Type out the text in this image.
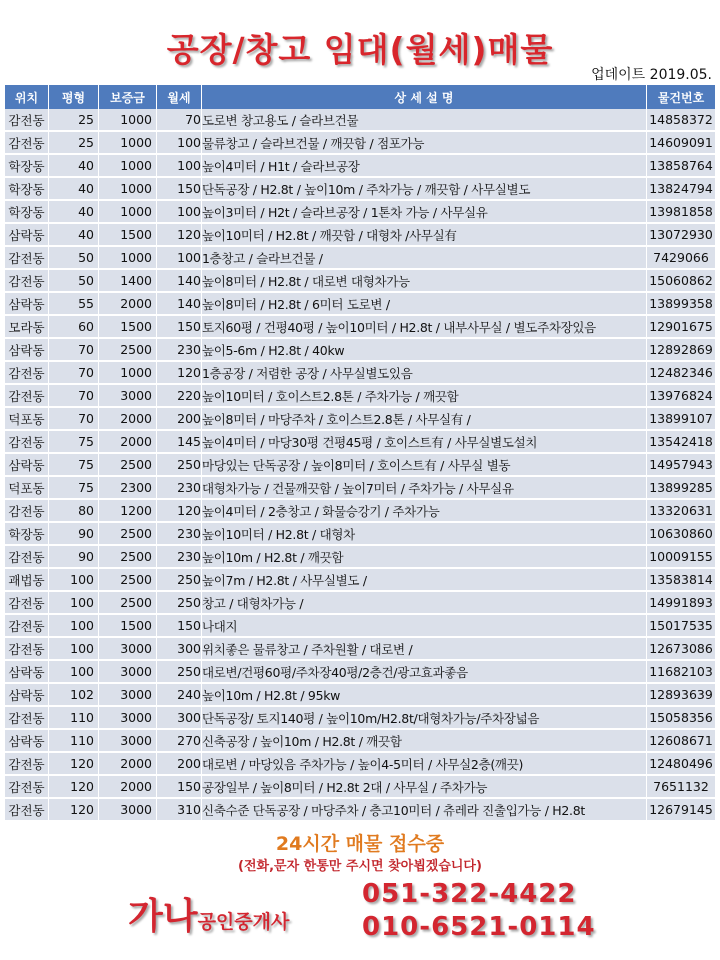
공장/창고 임대(월세)매물
업데이트 2019.05.
위치	평형	보증금	월세	상 세 설 명	물건번호
감전동	25	1000	70	도로변 창고용도 / 슬라브건물	14858372
감전동	25	1000	100	물류창고 / 슬라브건물 / 깨끗함 / 점포가능	14609091
학장동	40	1000	100	높이4미터 / H1t / 슬라브공장	13858764
학장동	40	1000	150	단독공장 / H2.8t / 높이10m / 주차가능 / 깨끗함 / 사무실별도	13824794
학장동	40	1000	100	높이3미터 / H2t / 슬라브공장 / 1톤차 가능 / 사무실유	13981858
삼락동	40	1500	120	높이10미터 / H2.8t / 깨끗함 / 대형차 /사무실有	13072930
감전동	50	1000	100	1층창고 / 슬라브건물 /	7429066
감전동	50	1400	140	높이8미터 / H2.8t / 대로변 대형차가능	15060862
삼락동	55	2000	140	높이8미터 / H2.8t / 6미터 도로변 /	13899358
모라동	60	1500	150	토지60평 / 건평40평 / 높이10미터 / H2.8t / 내부사무실 / 별도주차장있음	12901675
삼락동	70	2500	230	높이5-6m / H2.8t / 40kw	12892869
감전동	70	1000	120	1층공장 / 저렴한 공장 / 사무실별도있음	12482346
감전동	70	3000	220	높이10미터 / 호이스트2.8톤 / 주차가능 / 깨끗함	13976824
덕포동	70	2000	200	높이8미터 / 마당주차 / 호이스트2.8톤 / 사무실有 /	13899107
감전동	75	2000	145	높이4미터 / 마당30평 건평45평 / 호이스트有 / 사무실별도설치	13542418
삼락동	75	2500	250	마당있는 단독공장 / 높이8미터 / 호이스트有 / 사무실 별동	14957943
덕포동	75	2300	230	대형차가능 / 건물깨끗함 / 높이7미터 / 주차가능 / 사무실유	13899285
감전동	80	1200	120	높이4미터 / 2층창고 / 화물승강기 / 주차가능	13320631
학장동	90	2500	230	높이10미터 / H2.8t / 대형차	10630860
감전동	90	2500	230	높이10m / H2.8t / 깨끗함	10009155
괘법동	100	2500	250	높이7m / H2.8t / 사무실별도 /	13583814
감전동	100	2500	250	창고 / 대형차가능 /	14991893
감전동	100	1500	150	나대지	15017535
감전동	100	3000	300	위치좋은 물류창고 / 주차원활 / 대로변 /	12673086
삼락동	100	3000	250	대로변/건평60평/주차장40평/2층건/광고효과좋음	11682103
삼락동	102	3000	240	높이10m / H2.8t / 95kw	12893639
감전동	110	3000	300	단독공장/ 토지140평 / 높이10m/H2.8t/대형차가능/주차장넓음	15058356
삼락동	110	3000	270	신축공장 / 높이10m / H2.8t / 깨끗함	12608671
감전동	120	2000	200	대로변 / 마당있음 주차가능 / 높이4-5미터 / 사무실2층(깨끗)	12480496
감전동	120	2000	150	공장일부 / 높이8미터 / H2.8t 2대 / 사무실 / 주차가능	7651132
감전동	120	3000	310	신축수준 단독공장 / 마당주차 / 층고10미터 / 츄레라 진출입가능 / H2.8t	12679145
24시간 매물 접수중
(전화,문자 한통만 주시면 찾아뵙겠습니다)
가나공인중개사
051-322-4422
010-6521-0114
